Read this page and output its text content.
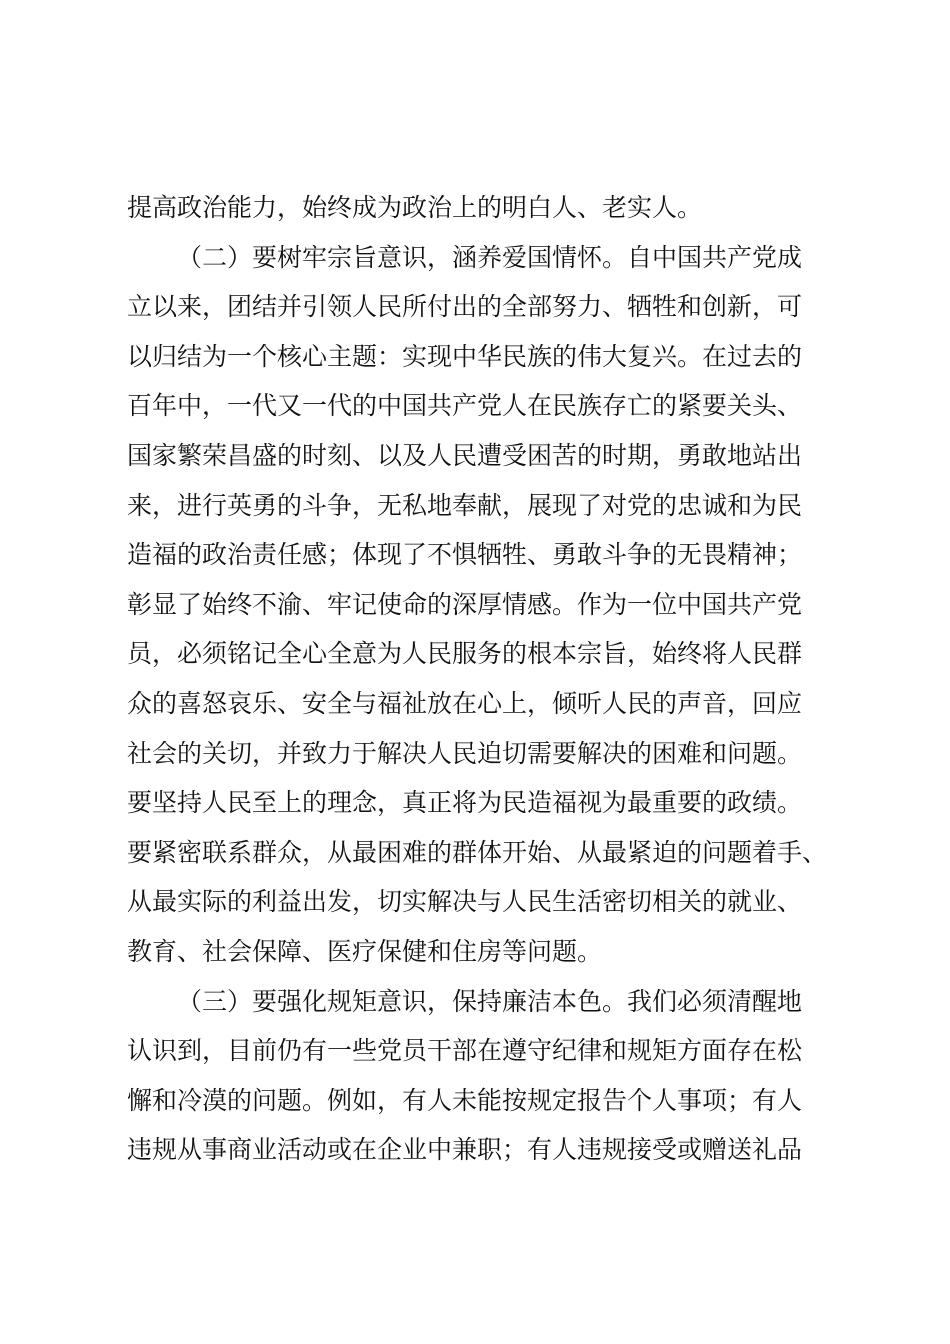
提高政治能力，始终成为政治上的明白人、老实人。
（二）要树牢宗旨意识，涵养爱国情怀。自中国共产党成
立以来，团结并引领人民所付出的全部努力、牺牲和创新，可
以归结为一个核心主题：实现中华民族的伟大复兴。在过去的
百年中，一代又一代的中国共产党人在民族存亡的紧要关头、
国家繁荣昌盛的时刻、以及人民遭受困苦的时期，勇敢地站出
来，进行英勇的斗争，无私地奉献，展现了对党的忠诚和为民
造福的政治责任感；体现了不惧牺牲、勇敢斗争的无畏精神；
彰显了始终不渝、牢记使命的深厚情感。作为一位中国共产党
员，必须铭记全心全意为人民服务的根本宗旨，始终将人民群
众的喜怒哀乐、安全与福祉放在心上，倾听人民的声音，回应
社会的关切，并致力于解决人民迫切需要解决的困难和问题。
要坚持人民至上的理念，真正将为民造福视为最重要的政绩。
要紧密联系群众，从最困难的群体开始、从最紧迫的问题着手、
从最实际的利益出发，切实解决与人民生活密切相关的就业、
教育、社会保障、医疗保健和住房等问题。
（三）要强化规矩意识，保持廉洁本色。我们必须清醒地
认识到，目前仍有一些党员干部在遵守纪律和规矩方面存在松
懈和冷漠的问题。例如，有人未能按规定报告个人事项；有人
违规从事商业活动或在企业中兼职；有人违规接受或赠送礼品
